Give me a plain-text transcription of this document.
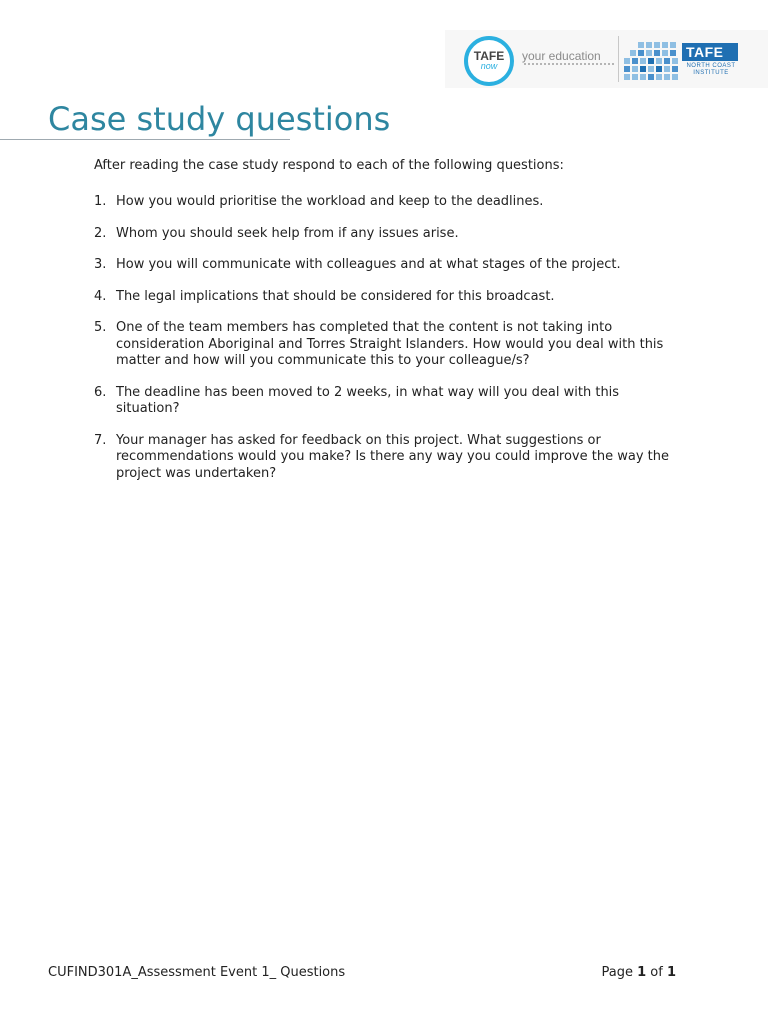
TAFE
now
your education	TAFE
NORTH COAST INSTITUTE
Case study questions

After reading the case study respond to each of the following questions:

1. How you would prioritise the workload and keep to the deadlines.
2. Whom you should seek help from if any issues arise.
3. How you will communicate with colleagues and at what stages of the project.
4. The legal implications that should be considered for this broadcast.
5. One of the team members has completed that the content is not taking into consideration Aboriginal and Torres Straight Islanders. How would you deal with this matter and how will you communicate this to your colleague/s?
6. The deadline has been moved to 2 weeks, in what way will you deal with this situation?
7. Your manager has asked for feedback on this project. What suggestions or recommendations would you make? Is there any way you could improve the way the project was undertaken?
CUFIND301A_Assessment Event 1_ Questions	Page 1 of 1
